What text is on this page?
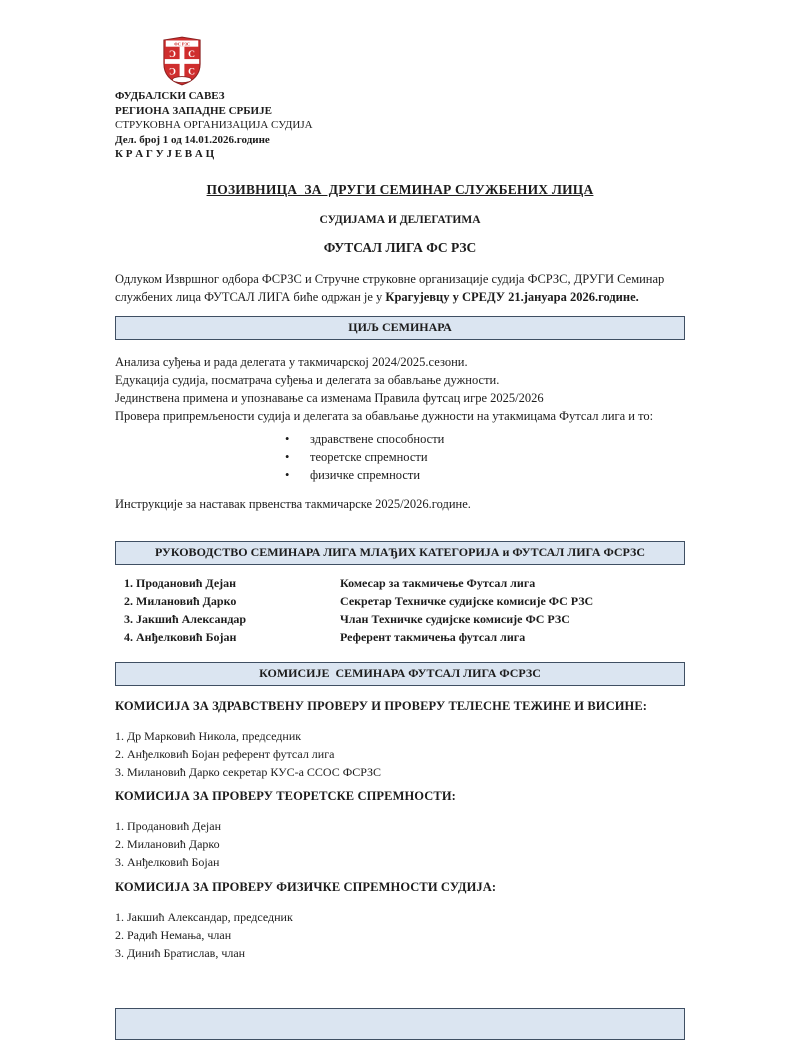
ФС РЗС
Ɔ C
Ɔ C
ФУДБАЛСКИ САВЕЗ
РЕГИОНА ЗАПАДНЕ СРБИЈЕ
СТРУКОВНА ОРГАНИЗАЦИЈА СУДИЈА
Дел. број 1 од 14.01.2026.године
К Р А Г У Ј Е В А Ц
ПОЗИВНИЦА  ЗА  ДРУГИ СЕМИНАР СЛУЖБЕНИХ ЛИЦА
СУДИЈАМА И ДЕЛЕГАТИМА
ФУТСАЛ ЛИГА ФС РЗС
Одлуком Извршног одбора ФСРЗС и Стручне струковне организације судија ФСРЗС, ДРУГИ Семинар службених лица ФУТСАЛ ЛИГА биће одржан је у Крагујевцу у СРЕДУ 21.јануара 2026.године.
ЦИЉ СЕМИНАРА
Анализа суђења и рада делегата у такмичарској 2024/2025.сезони.
Едукација судија, посматрача суђења и делегата за обављање дужности.
Јединствена примена и упознавање са изменама Правила футсац игре 2025/2026
Провера припремљености судија и делегата за обављање дужности на утакмицама Футсал лига и то:
•	здравствене способности
•	теоретске спремности
•	физичке спремности
Инструкције за наставак првенства такмичарске 2025/2026.године.
РУКОВОДСТВО СЕМИНАРА ЛИГА МЛАЂИХ КАТЕГОРИЈА и ФУТСАЛ ЛИГА ФСРЗС
1. Продановић Дејан	Комесар за такмичење Футсал лига
2. Милановић Дарко	Секретар Техничке судијске комисије ФС РЗС
3. Јакшић Александар	Члан Техничке судијске комисије ФС РЗС
4. Анђелковић Бојан	Референт такмичења футсал лига
КОМИСИЈЕ  СЕМИНАРА ФУТСАЛ ЛИГА ФСРЗС
КОМИСИЈА ЗА ЗДРАВСТВЕНУ ПРОВЕРУ И ПРОВЕРУ ТЕЛЕСНЕ ТЕЖИНЕ И ВИСИНЕ:
1. Др Марковић Никола, председник
2. Анђелковић Бојан референт футсал лига
3. Милановић Дарко секретар КУС-а ССОС ФСРЗС
КОМИСИЈА ЗА ПРОВЕРУ ТЕОРЕТСКЕ СПРЕМНОСТИ:
1. Продановић Дејан
2. Милановић Дарко
3. Анђелковић Бојан
КОМИСИЈА ЗА ПРОВЕРУ ФИЗИЧКЕ СПРЕМНОСТИ СУДИЈА:
1. Јакшић Александар, председник
2. Радић Немања, члан
3. Динић Братислав, члан
